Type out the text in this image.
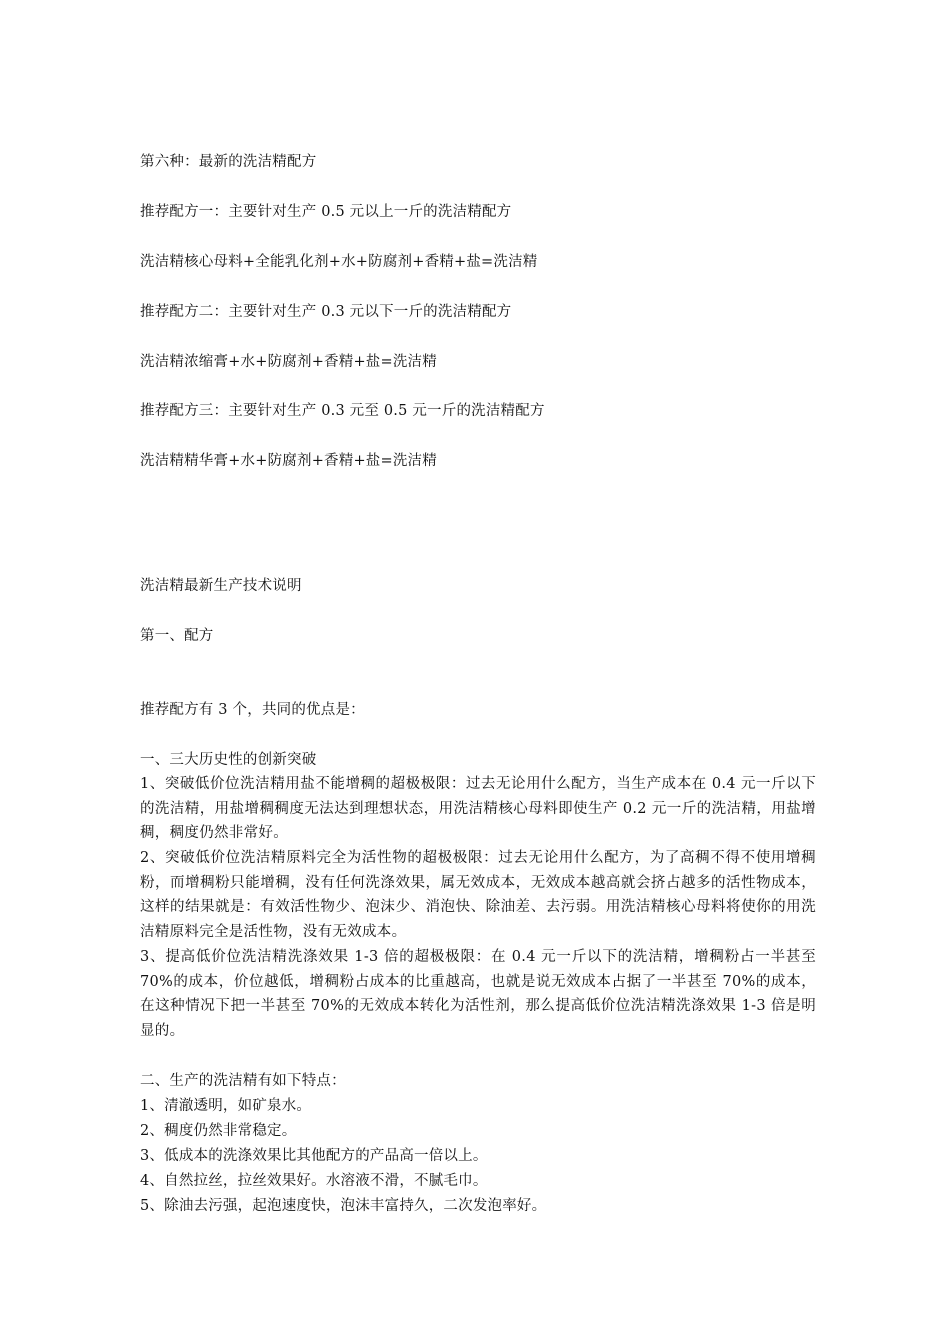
第六种：最新的洗洁精配方
推荐配方一：主要针对生产 0.5 元以上一斤的洗洁精配方
洗洁精核心母料+全能乳化剂+水+防腐剂+香精+盐=洗洁精
推荐配方二：主要针对生产 0.3 元以下一斤的洗洁精配方
洗洁精浓缩膏+水+防腐剂+香精+盐=洗洁精
推荐配方三：主要针对生产 0.3 元至 0.5 元一斤的洗洁精配方
洗洁精精华膏+水+防腐剂+香精+盐=洗洁精
洗洁精最新生产技术说明
第一、配方
推荐配方有 3 个，共同的优点是：
一、三大历史性的创新突破
1、突破低价位洗洁精用盐不能增稠的超极极限：过去无论用什么配方，当生产成本在 0.4 元一斤以下的洗洁精，用盐增稠稠度无法达到理想状态，用洗洁精核心母料即使生产 0.2 元一斤的洗洁精，用盐增稠，稠度仍然非常好。
2、突破低价位洗洁精原料完全为活性物的超极极限：过去无论用什么配方，为了高稠不得不使用增稠粉，而增稠粉只能增稠，没有任何洗涤效果，属无效成本，无效成本越高就会挤占越多的活性物成本，这样的结果就是：有效活性物少、泡沫少、消泡快、除油差、去污弱。用洗洁精核心母料将使你的用洗洁精原料完全是活性物，没有无效成本。
3、提高低价位洗洁精洗涤效果 1-3 倍的超极极限：在 0.4 元一斤以下的洗洁精，增稠粉占一半甚至 70%的成本，价位越低，增稠粉占成本的比重越高，也就是说无效成本占据了一半甚至 70%的成本，在这种情况下把一半甚至 70%的无效成本转化为活性剂，那么提高低价位洗洁精洗涤效果 1-3 倍是明显的。
二、生产的洗洁精有如下特点：
1、清澈透明，如矿泉水。
2、稠度仍然非常稳定。
3、低成本的洗涤效果比其他配方的产品高一倍以上。
4、自然拉丝，拉丝效果好。水溶液不滑，不腻毛巾。
5、除油去污强，起泡速度快，泡沫丰富持久，二次发泡率好。
